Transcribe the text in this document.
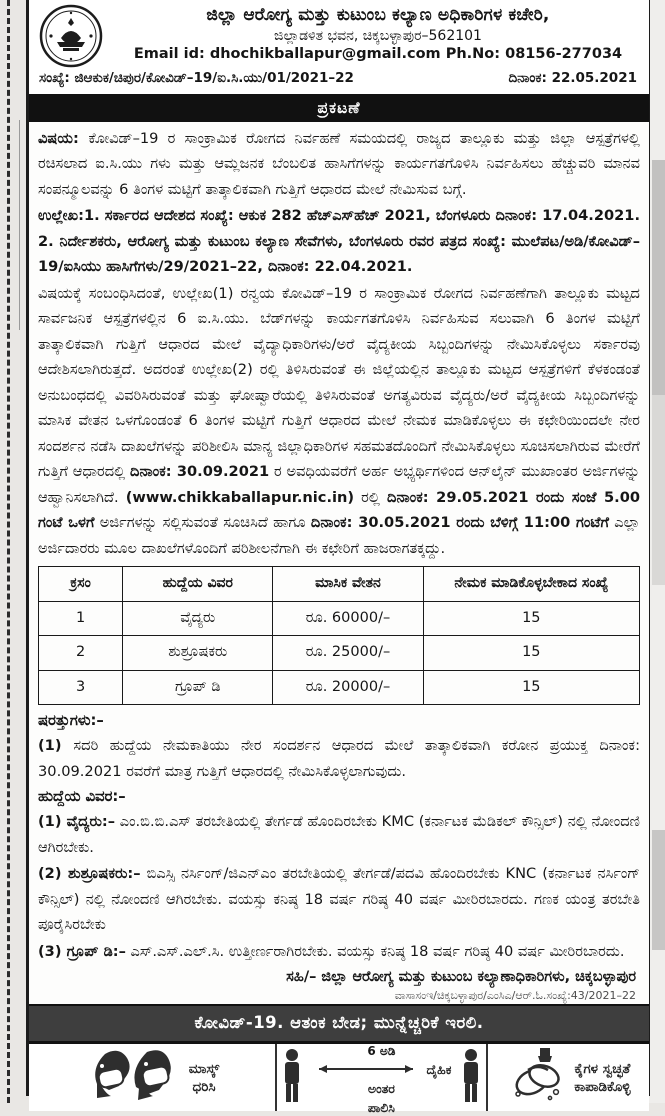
ಜಿಲ್ಲಾ ಆರೋಗ್ಯ ಮತ್ತು ಕುಟುಂಬ ಕಲ್ಯಾಣ ಅಧಿಕಾರಿಗಳ ಕಚೇರಿ,
ಜಿಲ್ಲಾಡಳಿತ ಭವನ, ಚಿಕ್ಕಬಳ್ಳಾಪುರ–562101
Email id: dhochikballapur@gmail.com Ph.No: 08156-277034
ಸಂಖ್ಯೆ: ಜಿಆಕುಕ/ಚಿಪುರ/ಕೋವಿಡ್–19/ಐ.ಸಿ.ಯು/01/2021–22	ದಿನಾಂಕ: 22.05.2021
ಪ್ರಕಟಣೆ

ವಿಷಯ: ಕೋವಿಡ್–19 ರ ಸಾಂಕ್ರಾಮಿಕ ರೋಗದ ನಿರ್ವಹಣೆ ಸಮಯದಲ್ಲಿ ರಾಜ್ಯದ ತಾಲ್ಲೂಕು ಮತ್ತು ಜಿಲ್ಲಾ ಆಸ್ಪತ್ರೆಗಳಲ್ಲಿ ರಚಿಸಲಾದ ಐ.ಸಿ.ಯು ಗಳು ಮತ್ತು ಆಮ್ಲಜನಕ ಬೆಂಬಲಿತ ಹಾಸಿಗೆಗಳನ್ನು ಕಾರ್ಯಗತಗೊಳಿಸಿ ನಿರ್ವಹಿಸಲು ಹೆಚ್ಚುವರಿ ಮಾನವ ಸಂಪನ್ಮೂಲವನ್ನು 6 ತಿಂಗಳ ಮಟ್ಟಿಗೆ ತಾತ್ಕಾಲಿಕವಾಗಿ ಗುತ್ತಿಗೆ ಆಧಾರದ ಮೇಲೆ ನೇಮಿಸುವ ಬಗ್ಗೆ.

ಉಲ್ಲೇಖ:1. ಸರ್ಕಾರದ ಆದೇಶದ ಸಂಖ್ಯೆ: ಆಕುಕ 282 ಹೆಚ್‌ಎಸ್‌ಹೆಚ್ 2021, ಬೆಂಗಳೂರು ದಿನಾಂಕ: 17.04.2021. 2. ನಿರ್ದೇಶಕರು, ಆರೋಗ್ಯ ಮತ್ತು ಕುಟುಂಬ ಕಲ್ಯಾಣ ಸೇವೆಗಳು, ಬೆಂಗಳೂರು ರವರ ಪತ್ರದ ಸಂಖ್ಯೆ: ಮುಲೆಪಟ/ಅಡಿ/ಕೋವಿಡ್–19/ಐಸಿಯು ಹಾಸಿಗೆಗಳು/29/2021–22, ದಿನಾಂಕ: 22.04.2021.

ವಿಷಯಕ್ಕೆ ಸಂಬಂಧಿಸಿದಂತೆ, ಉಲ್ಲೇಖ(1) ರನ್ವಯ ಕೋವಿಡ್–19 ರ ಸಾಂಕ್ರಾಮಿಕ ರೋಗದ ನಿರ್ವಹಣೆಗಾಗಿ ತಾಲ್ಲೂಕು ಮಟ್ಟದ ಸಾರ್ವಜನಿಕ ಆಸ್ಪತ್ರೆಗಳಲ್ಲಿನ 6 ಐ.ಸಿ.ಯು. ಬೆಡ್‌ಗಳನ್ನು ಕಾರ್ಯಗತಗೊಳಿಸಿ ನಿರ್ವಹಿಸುವ ಸಲುವಾಗಿ 6 ತಿಂಗಳ ಮಟ್ಟಿಗೆ ತಾತ್ಕಾಲಿಕವಾಗಿ ಗುತ್ತಿಗೆ ಆಧಾರದ ಮೇಲೆ ವೈದ್ಯಾಧಿಕಾರಿಗಳು/ಅರೆ ವೈದ್ಯಕೀಯ ಸಿಬ್ಬಂದಿಗಳನ್ನು ನೇಮಿಸಿಕೊಳ್ಳಲು ಸರ್ಕಾರವು ಆದೇಶಿಸಲಾಗಿರುತ್ತದೆ. ಅದರಂತೆ ಉಲ್ಲೇಖ(2) ರಲ್ಲಿ ತಿಳಿಸಿರುವಂತೆ ಈ ಜಿಲ್ಲೆಯಲ್ಲಿನ ತಾಲ್ಲೂಕು ಮಟ್ಟದ ಆಸ್ಪತ್ರೆಗಳಿಗೆ ಕೆಳಕಂಡಂತೆ ಅನುಬಂಧದಲ್ಲಿ ವಿವರಿಸಿರುವಂತೆ ಮತ್ತು ಘೋಷ್ವಾರೆಯಲ್ಲಿ ತಿಳಿಸಿರುವಂತೆ ಅಗತ್ಯವಿರುವ ವೈದ್ಯರು/ಅರೆ ವೈದ್ಯಕೀಯ ಸಿಬ್ಬಂದಿಗಳನ್ನು ಮಾಸಿಕ ವೇತನ ಒಳಗೊಂಡಂತೆ 6 ತಿಂಗಳ ಮಟ್ಟಿಗೆ ಗುತ್ತಿಗೆ ಆಧಾರದ ಮೇಲೆ ನೇಮಕ ಮಾಡಿಕೊಳ್ಳಲು ಈ ಕಛೇರಿಯಿಂದಲೇ ನೇರ ಸಂದರ್ಶನ ನಡೆಸಿ ದಾಖಲೆಗಳನ್ನು ಪರಿಶೀಲಿಸಿ ಮಾನ್ಯ ಜಿಲ್ಲಾಧಿಕಾರಿಗಳ ಸಹಮತದೊಂದಿಗೆ ನೇಮಿಸಿಕೊಳ್ಳಲು ಸೂಚಿಸಲಾಗಿರುವ ಮೇರೆಗೆ ಗುತ್ತಿಗೆ ಆಧಾರದಲ್ಲಿ ದಿನಾಂಕ: 30.09.2021 ರ ಅವಧಿಯವರೆಗೆ ಅರ್ಹ ಅಭ್ಯರ್ಥಿಗಳಿಂದ ಆನ್‌ಲೈನ್ ಮುಖಾಂತರ ಅರ್ಜಿಗಳನ್ನು ಆಹ್ವಾನಿಸಲಾಗಿದೆ. (www.chikkaballapur.nic.in) ರಲ್ಲಿ ದಿನಾಂಕ: 29.05.2021 ರಂದು ಸಂಜೆ 5.00 ಗಂಟೆ ಒಳಗೆ ಅರ್ಜಿಗಳನ್ನು ಸಲ್ಲಿಸುವಂತೆ ಸೂಚಿಸಿದೆ ಹಾಗೂ ದಿನಾಂಕ: 30.05.2021 ರಂದು ಬೆಳಿಗ್ಗೆ 11:00 ಗಂಟೆಗೆ ಎಲ್ಲಾ ಅರ್ಜಿದಾರರು ಮೂಲ ದಾಖಲೆಗಳೊಂದಿಗೆ ಪರಿಶೀಲನೆಗಾಗಿ ಈ ಕಛೇರಿಗೆ ಹಾಜರಾಗತಕ್ಕದ್ದು.

ಕ್ರಸಂ	ಹುದ್ದೆಯ ವಿವರ	ಮಾಸಿಕ ವೇತನ	ನೇಮಕ ಮಾಡಿಕೊಳ್ಳಬೇಕಾದ ಸಂಖ್ಯೆ
1	ವೈದ್ಯರು	ರೂ. 60000/–	15
2	ಶುಶ್ರೂಷಕರು	ರೂ. 25000/–	15
3	ಗ್ರೂಪ್ ಡಿ	ರೂ. 20000/–	15
ಷರತ್ತುಗಳು:–

(1) ಸದರಿ ಹುದ್ದೆಯ ನೇಮಕಾತಿಯು ನೇರ ಸಂದರ್ಶನ ಆಧಾರದ ಮೇಲೆ ತಾತ್ಕಾಲಿಕವಾಗಿ ಕರೋನ ಪ್ರಯುಕ್ತ ದಿನಾಂಕ: 30.09.2021 ರವರೆಗೆ ಮಾತ್ರ ಗುತ್ತಿಗೆ ಆಧಾರದಲ್ಲಿ ನೇಮಿಸಿಕೊಳ್ಳಲಾಗುವುದು.

ಹುದ್ದೆಯ ವಿವರ:–

(1) ವೈದ್ಯರು:– ಎಂ.ಬಿ.ಬಿ.ಎಸ್ ತರಬೇತಿಯಲ್ಲಿ ತೇರ್ಗಡೆ ಹೊಂದಿರಬೇಕು KMC (ಕರ್ನಾಟಕ ಮೆಡಿಕಲ್ ಕೌನ್ಸಿಲ್) ನಲ್ಲಿ ನೋಂದಣಿ ಆಗಿರಬೇಕು.

(2) ಶುಶ್ರೂಷಕರು:– ಬಿಎಸ್ಸಿ ನರ್ಸಿಂಗ್/ಜಿಎನ್‌ಎಂ ತರಬೇತಿಯಲ್ಲಿ ತೇರ್ಗಡೆ/ಪದವಿ ಹೊಂದಿರಬೇಕು KNC (ಕರ್ನಾಟಕ ನರ್ಸಿಂಗ್ ಕೌನ್ಸಿಲ್) ನಲ್ಲಿ ನೋಂದಣಿ ಆಗಿರಬೇಕು. ವಯಸ್ಸು ಕನಿಷ್ಠ 18 ವರ್ಷ ಗರಿಷ್ಠ 40 ವರ್ಷ ಮೀರಿರಬಾರದು. ಗಣಕ ಯಂತ್ರ ತರಬೇತಿ ಪೂರೈಸಿರಬೇಕು

(3) ಗ್ರೂಪ್ ಡಿ:– ಎಸ್.ಎಸ್.ಎಲ್.ಸಿ. ಉತ್ತೀರ್ಣರಾಗಿರಬೇಕು. ವಯಸ್ಸು ಕನಿಷ್ಠ 18 ವರ್ಷ ಗರಿಷ್ಠ 40 ವರ್ಷ ಮೀರಿರಬಾರದು.

ಸಹಿ/– ಜಿಲ್ಲಾ ಆರೋಗ್ಯ ಮತ್ತು ಕುಟುಂಬ ಕಲ್ಯಾಣಾಧಿಕಾರಿಗಳು, ಚಿಕ್ಕಬಳ್ಳಾಪುರ
ವಾಸಾಸಂಇ/ಚಿಕ್ಕಬಳ್ಳಾಪುರ/ಎಂಸಿಎ/ಆರ್.ಓ.ಸಂಖ್ಯೆ:43/2021–22
ಕೋವಿಡ್-19. ಆತಂಕ ಬೇಡ; ಮುನ್ನೆಚ್ಚರಿಕೆ ಇರಲಿ.
ಮಾಸ್ಕ್
ಧರಿಸಿ
6 ಅಡಿ  ದೈಹಿಕ ಅಂತರ
ಪಾಲಿಸಿ
ಕೈಗಳ ಸ್ವಚ್ಛತೆ
ಕಾಪಾಡಿಕೊಳ್ಳಿ
